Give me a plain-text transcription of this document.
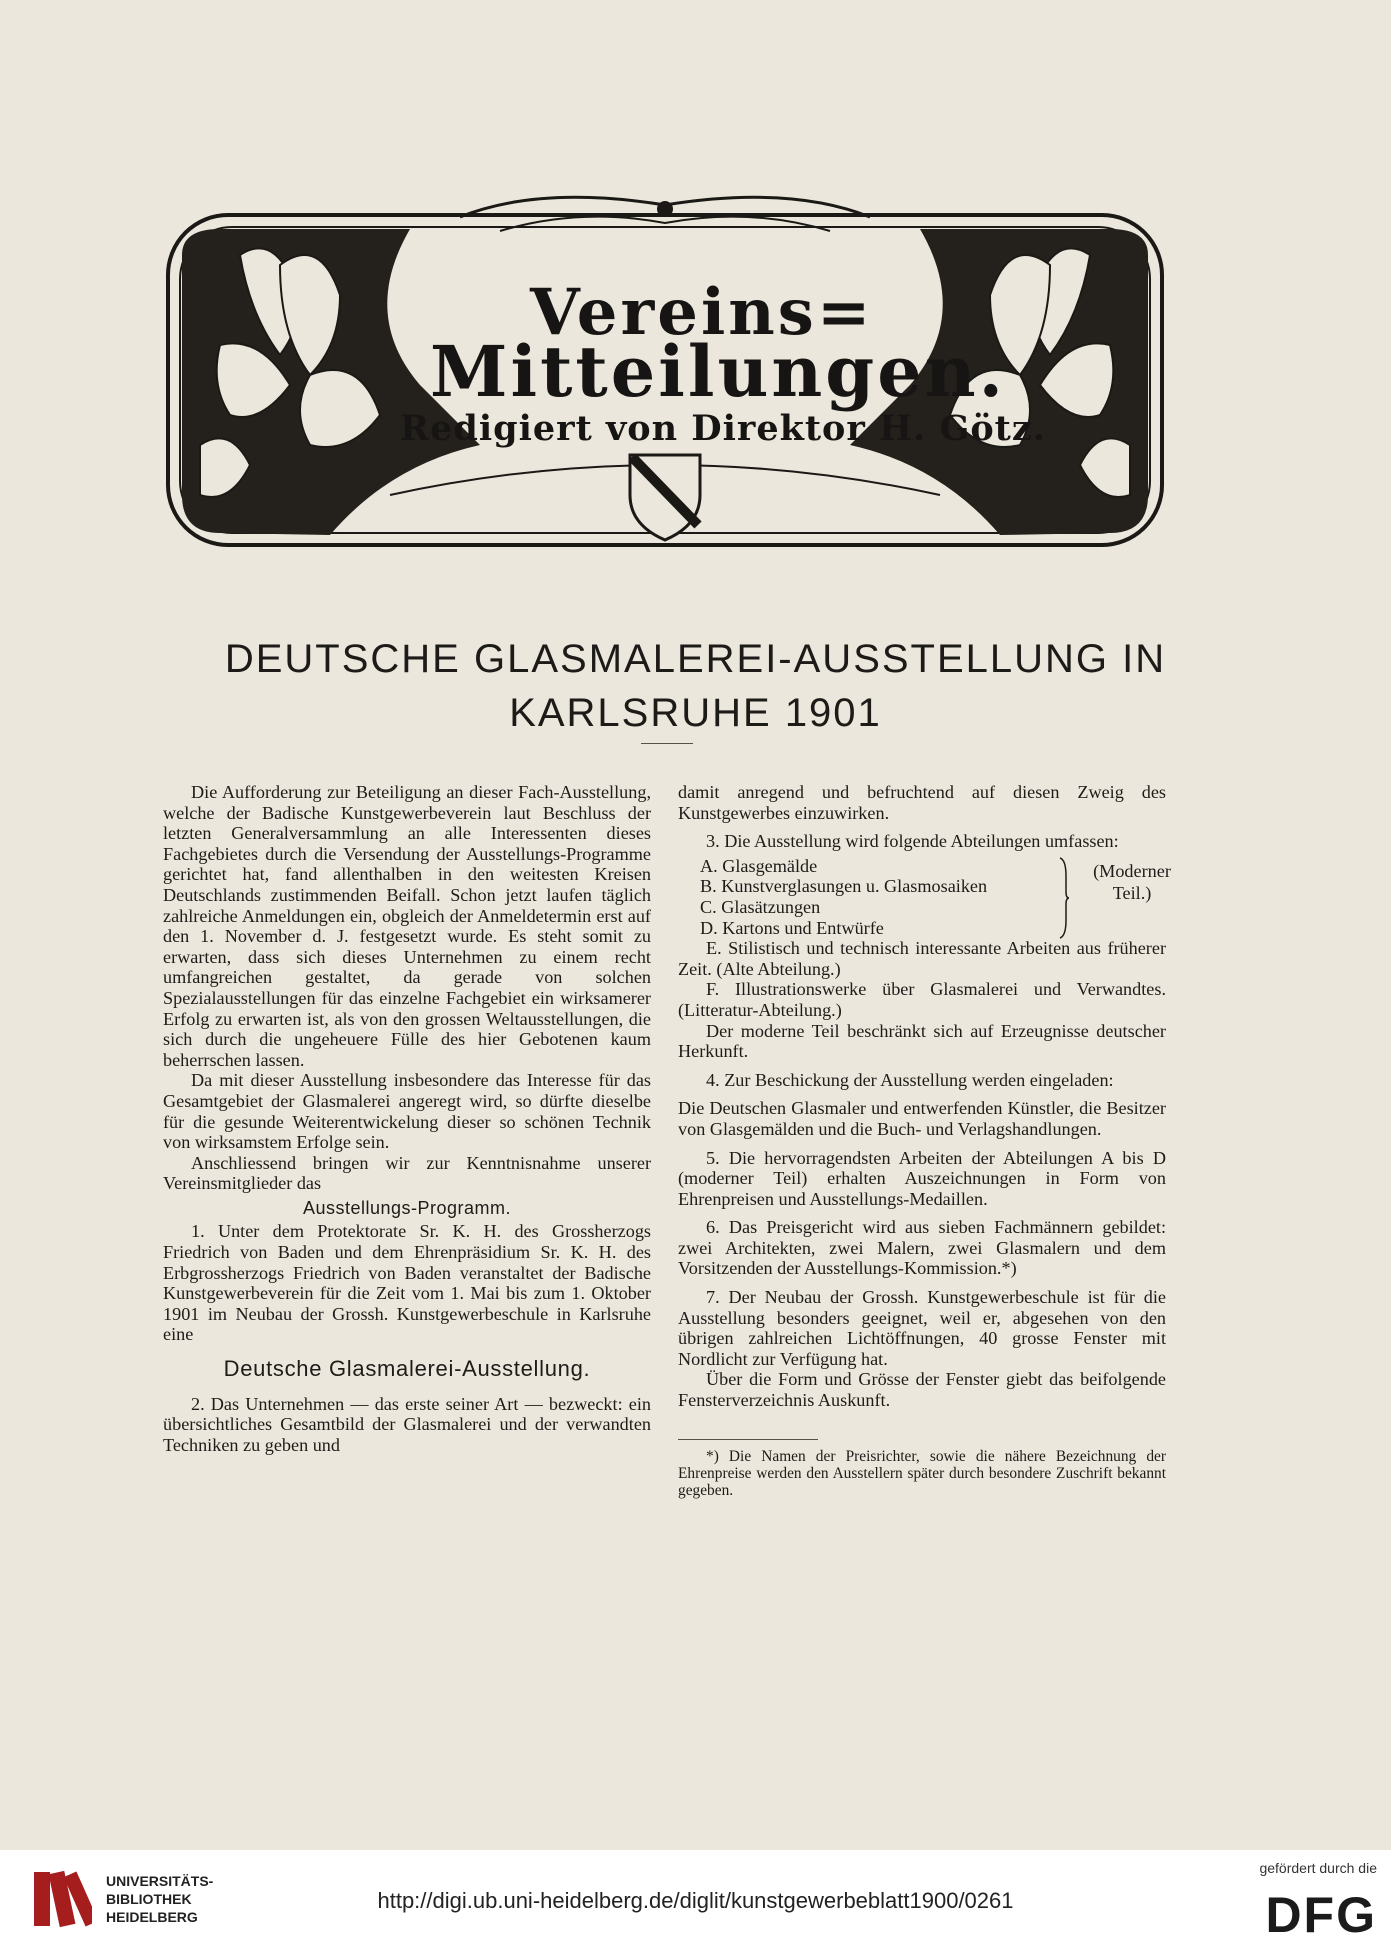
Vereins=
Mitteilungen.
Redigiert von Direktor H. Götz.
DEUTSCHE GLASMALEREI-AUSSTELLUNG IN
KARLSRUHE 1901

Die Aufforderung zur Beteiligung an dieser Fach-Ausstellung, welche der Badische Kunstgewerbeverein laut Beschluss der letzten Generalversammlung an alle Interessenten dieses Fachgebietes durch die Versendung der Ausstellungs-Programme gerichtet hat, fand allenthalben in den weitesten Kreisen Deutschlands zustimmenden Beifall. Schon jetzt laufen täglich zahlreiche Anmeldungen ein, obgleich der Anmeldetermin erst auf den 1. November d. J. festgesetzt wurde. Es steht somit zu erwarten, dass sich dieses Unternehmen zu einem recht umfangreichen gestaltet, da gerade von solchen Spezialausstellungen für das einzelne Fachgebiet ein wirksamerer Erfolg zu erwarten ist, als von den grossen Weltausstellungen, die sich durch die ungeheuere Fülle des hier Gebotenen kaum beherrschen lassen.

Da mit dieser Ausstellung insbesondere das Interesse für das Gesamtgebiet der Glasmalerei angeregt wird, so dürfte dieselbe für die gesunde Weiterentwickelung dieser so schönen Technik von wirksamstem Erfolge sein.

Anschliessend bringen wir zur Kenntnisnahme unserer Vereinsmitglieder das

Ausstellungs-Programm.

1. Unter dem Protektorate Sr. K. H. des Grossherzogs Friedrich von Baden und dem Ehrenpräsidium Sr. K. H. des Erbgrossherzogs Friedrich von Baden veranstaltet der Badische Kunstgewerbeverein für die Zeit vom 1. Mai bis zum 1. Oktober 1901 im Neubau der Grossh. Kunstgewerbeschule in Karlsruhe eine

Deutsche Glasmalerei-Ausstellung.

2. Das Unternehmen — das erste seiner Art — bezweckt: ein übersichtliches Gesamtbild der Glasmalerei und der verwandten Techniken zu geben und

damit anregend und befruchtend auf diesen Zweig des Kunstgewerbes einzuwirken.

3. Die Ausstellung wird folgende Abteilungen umfassen:

A. Glasgemälde
B. Kunstverglasungen u. Glasmosaiken
C. Glasätzungen
D. Kartons und Entwürfe
(Moderner
Teil.)

E. Stilistisch und technisch interessante Arbeiten aus früherer Zeit. (Alte Abteilung.)

F. Illustrationswerke über Glasmalerei und Verwandtes. (Litteratur-Abteilung.)

Der moderne Teil beschränkt sich auf Erzeugnisse deutscher Herkunft.

4. Zur Beschickung der Ausstellung werden eingeladen:

Die Deutschen Glasmaler und entwerfenden Künstler, die Besitzer von Glasgemälden und die Buch- und Verlagshandlungen.

5. Die hervorragendsten Arbeiten der Abteilungen A bis D (moderner Teil) erhalten Auszeichnungen in Form von Ehrenpreisen und Ausstellungs-Medaillen.

6. Das Preisgericht wird aus sieben Fachmännern gebildet: zwei Architekten, zwei Malern, zwei Glasmalern und dem Vorsitzenden der Ausstellungs-Kommission.*)

7. Der Neubau der Grossh. Kunstgewerbeschule ist für die Ausstellung besonders geeignet, weil er, abgesehen von den übrigen zahlreichen Lichtöffnungen, 40 grosse Fenster mit Nordlicht zur Verfügung hat.

Über die Form und Grösse der Fenster giebt das beifolgende Fensterverzeichnis Auskunft.

*) Die Namen der Preisrichter, sowie die nähere Bezeichnung der Ehrenpreise werden den Ausstellern später durch besondere Zuschrift bekannt gegeben.

UNIVERSITÄTS-
BIBLIOTHEK
HEIDELBERG
http://digi.ub.uni-heidelberg.de/diglit/kunstgewerbeblatt1900/0261
gefördert durch die
DFG
